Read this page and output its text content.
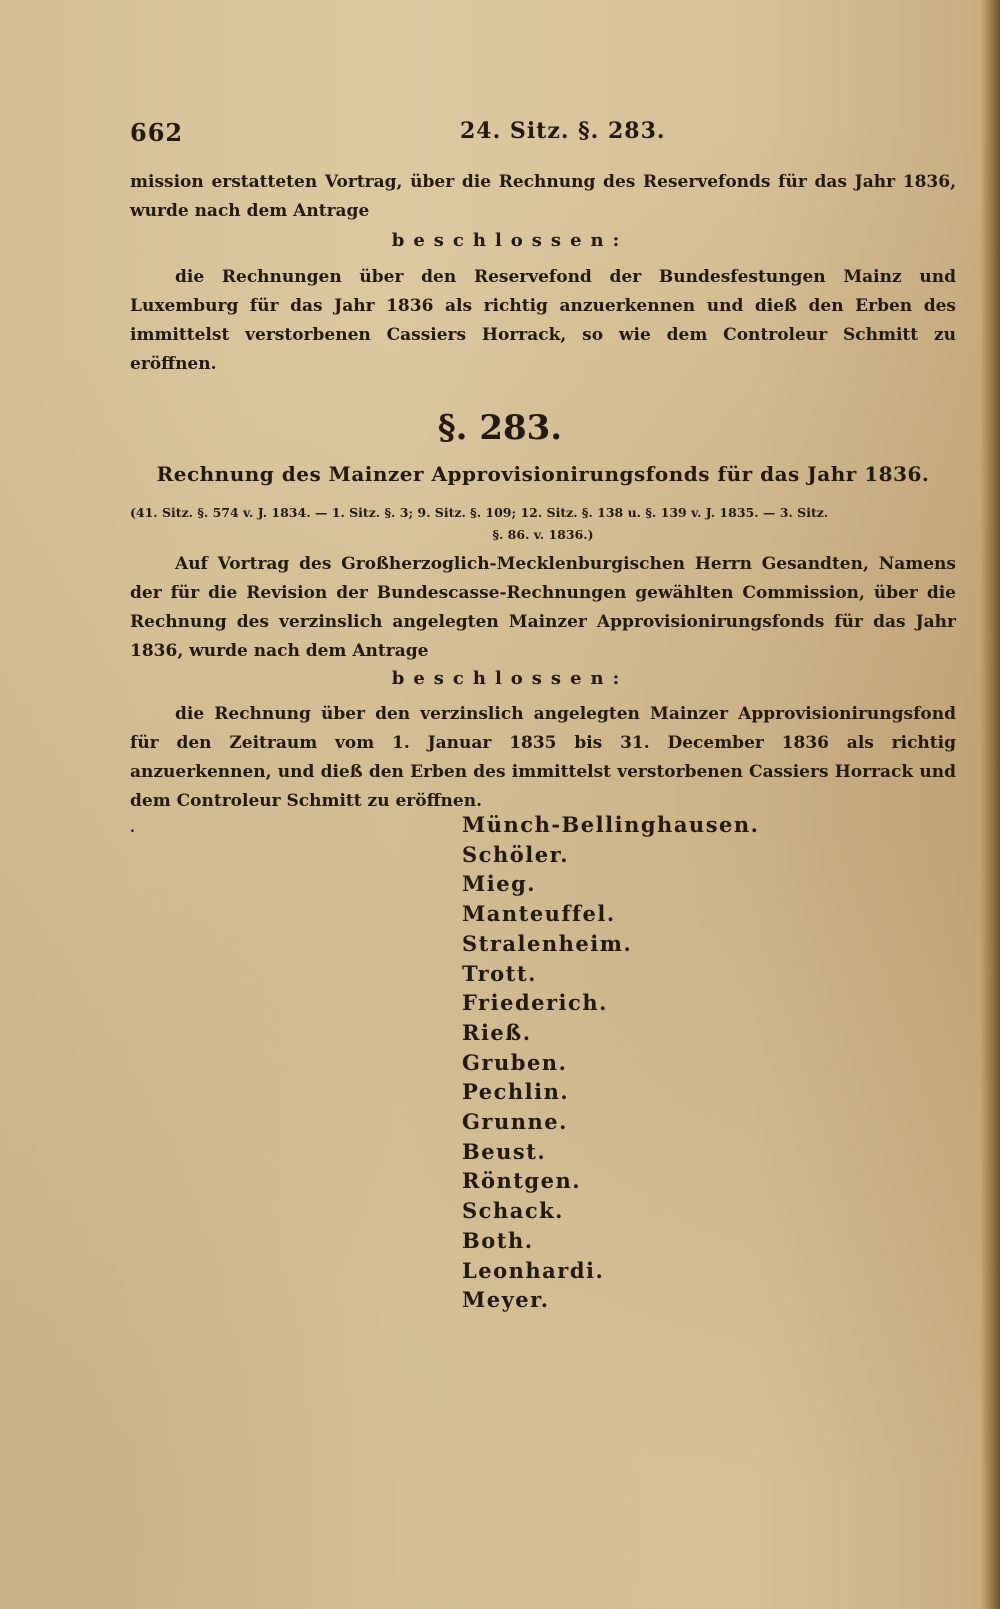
662	24. Sitz. §. 283.

mission erstatteten Vortrag, über die Rechnung des Reservefonds für das Jahr 1836, wurde nach dem Antrage

beschlossen:

die Rechnungen über den Reservefond der Bundesfestungen Mainz und Luxemburg für das Jahr 1836 als richtig anzuerkennen und dieß den Erben des immittelst verstorbenen Cassiers Horrack, so wie dem Controleur Schmitt zu eröffnen.

§. 283.
Rechnung des Mainzer Approvisionirungsfonds für das Jahr 1836.
(41. Sitz. §. 574 v. J. 1834. — 1. Sitz. §. 3; 9. Sitz. §. 109; 12. Sitz. §. 138 u. §. 139 v. J. 1835. — 3. Sitz.
§. 86. v. 1836.)

Auf Vortrag des Großherzoglich-Mecklenburgischen Herrn Gesandten, Namens der für die Revision der Bundescasse-Rechnungen gewählten Commission, über die Rechnung des verzinslich angelegten Mainzer Approvisionirungsfonds für das Jahr 1836, wurde nach dem Antrage

beschlossen:

die Rechnung über den verzinslich angelegten Mainzer Approvisionirungsfond für den Zeitraum vom 1. Januar 1835 bis 31. December 1836 als richtig anzuerkennen, und dieß den Erben des immittelst verstorbenen Cassiers Horrack und dem Controleur Schmitt zu eröffnen.

.	Münch-Bellinghausen.
Schöler.
Mieg.
Manteuffel.
Stralenheim.
Trott.
Friederich.
Rieß.
Gruben.
Pechlin.
Grunne.
Beust.
Röntgen.
Schack.
Both.
Leonhardi.
Meyer.
